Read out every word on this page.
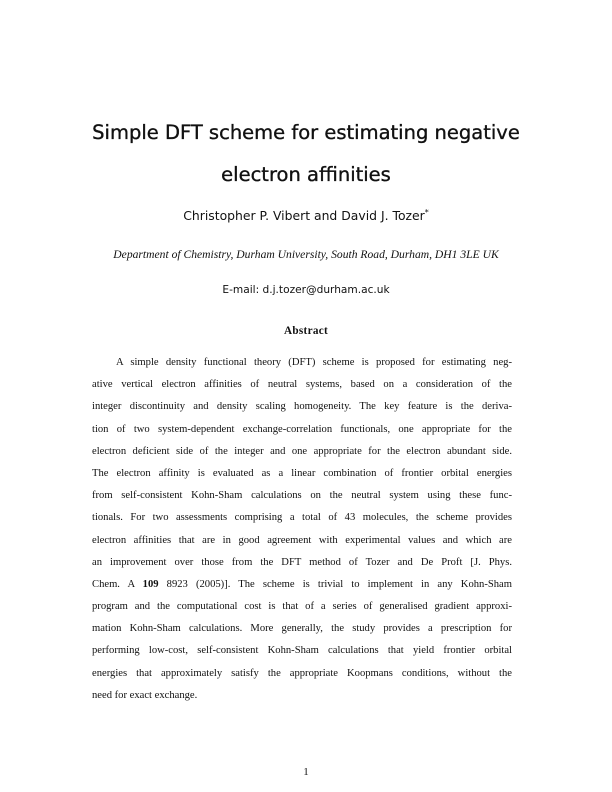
Simple DFT scheme for estimating negative
electron affinities
Christopher P. Vibert and David J. Tozer*
Department of Chemistry, Durham University, South Road, Durham, DH1 3LE UK
E-mail: d.j.tozer@durham.ac.uk
Abstract
A simple density functional theory (DFT) scheme is proposed for estimating neg-
ative vertical electron affinities of neutral systems, based on a consideration of the
integer discontinuity and density scaling homogeneity. The key feature is the deriva-
tion of two system-dependent exchange-correlation functionals, one appropriate for the
electron deficient side of the integer and one appropriate for the electron abundant side.
The electron affinity is evaluated as a linear combination of frontier orbital energies
from self-consistent Kohn-Sham calculations on the neutral system using these func-
tionals. For two assessments comprising a total of 43 molecules, the scheme provides
electron affinities that are in good agreement with experimental values and which are
an improvement over those from the DFT method of Tozer and De Proft [J. Phys.
Chem. A 109 8923 (2005)]. The scheme is trivial to implement in any Kohn-Sham
program and the computational cost is that of a series of generalised gradient approxi-
mation Kohn-Sham calculations. More generally, the study provides a prescription for
performing low-cost, self-consistent Kohn-Sham calculations that yield frontier orbital
energies that approximately satisfy the appropriate Koopmans conditions, without the
need for exact exchange.
1
